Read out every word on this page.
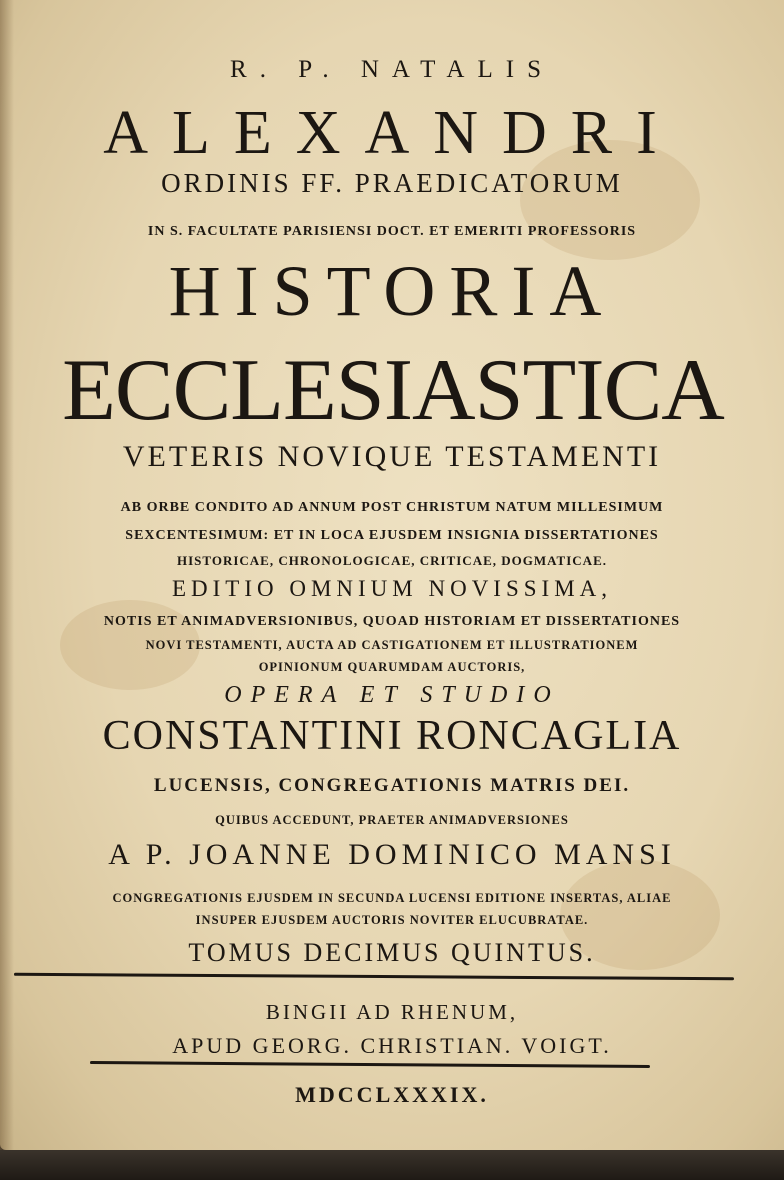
R. P. NATALIS

ALEXANDRI

ORDINIS FF. PRAEDICATORUM

IN S. FACULTATE PARISIENSI DOCT. ET EMERITI PROFESSORIS

HISTORIA

ECCLESIASTICA

VETERIS NOVIQUE TESTAMENTI

AB ORBE CONDITO AD ANNUM POST CHRISTUM NATUM MILLESIMUM

SEXCENTESIMUM: ET IN LOCA EJUSDEM INSIGNIA DISSERTATIONES

HISTORICAE, CHRONOLOGICAE, CRITICAE, DOGMATICAE.

EDITIO OMNIUM NOVISSIMA,

NOTIS ET ANIMADVERSIONIBUS, QUOAD HISTORIAM ET DISSERTATIONES

NOVI TESTAMENTI, AUCTA AD CASTIGATIONEM ET ILLUSTRATIONEM

OPINIONUM QUARUMDAM AUCTORIS,

OPERA ET STUDIO

CONSTANTINI RONCAGLIA

LUCENSIS, CONGREGATIONIS MATRIS DEI.

QUIBUS ACCEDUNT, PRAETER ANIMADVERSIONES

A P. JOANNE DOMINICO MANSI

CONGREGATIONIS EJUSDEM IN SECUNDA LUCENSI EDITIONE INSERTAS, ALIAE

INSUPER EJUSDEM AUCTORIS NOVITER ELUCUBRATAE.

TOMUS DECIMUS QUINTUS.

BINGII AD RHENUM,

APUD GEORG. CHRISTIAN. VOIGT.

MDCCLXXXIX.
